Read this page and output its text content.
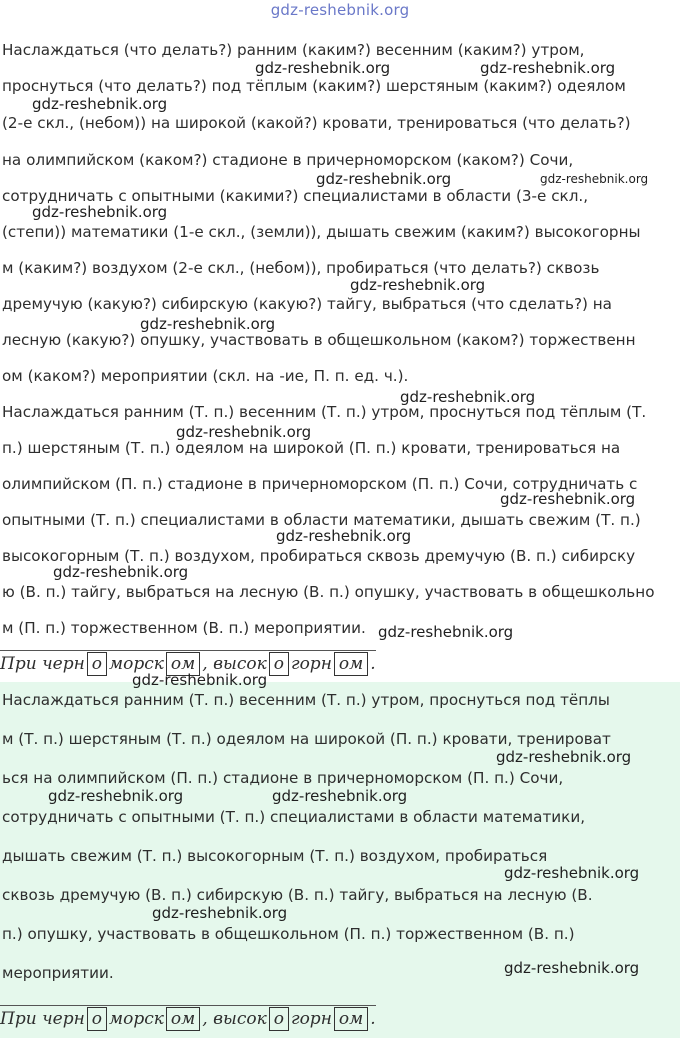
gdz-reshebnik.org
Наслаждаться (что делать?) ранним (каким?) весенним (каким?) утром,
проснуться (что делать?) под тёплым (каким?) шерстяным (каким?) одеялом
(2-е скл., (небом)) на широкой (какой?) кровати, тренироваться (что делать?)
на олимпийском (каком?) стадионе в причерноморском (каком?) Сочи,
сотрудничать с опытными (какими?) специалистами в области (3-е скл.,
(степи)) математики (1-е скл., (земли)), дышать свежим (каким?) высокогорны
м (каким?) воздухом (2-е скл., (небом)), пробираться (что делать?) сквозь
дремучую (какую?) сибирскую (какую?) тайгу, выбраться (что сделать?) на
лесную (какую?) опушку, участвовать в общешкольном (каком?) торжественн
ом (каком?) мероприятии (скл. на -ие, П. п. ед. ч.).
Наслаждаться ранним (Т. п.) весенним (Т. п.) утром, проснуться под тёплым (Т.
п.) шерстяным (Т. п.) одеялом на широкой (П. п.) кровати, тренироваться на
олимпийском (П. п.) стадионе в причерноморском (П. п.) Сочи, сотрудничать с
опытными (Т. п.) специалистами в области математики, дышать свежим (Т. п.)
высокогорным (Т. п.) воздухом, пробираться сквозь дремучую (В. п.) сибирску
ю (В. п.) тайгу, выбраться на лесную (В. п.) опушку, участвовать в общешкольно
м (П. п.) торжественном (В. п.) мероприятии.
При черн о морск ом , высок о горн ом .
Наслаждаться ранним (Т. п.) весенним (Т. п.) утром, проснуться под тёплы
м (Т. п.) шерстяным (Т. п.) одеялом на широкой (П. п.) кровати, тренироват
ься на олимпийском (П. п.) стадионе в причерноморском (П. п.) Сочи,
сотрудничать с опытными (Т. п.) специалистами в области математики,
дышать свежим (Т. п.) высокогорным (Т. п.) воздухом, пробираться
сквозь дремучую (В. п.) сибирскую (В. п.) тайгу, выбраться на лесную (В.
п.) опушку, участвовать в общешкольном (П. п.) торжественном (В. п.)
мероприятии.
При черн о морск ом , высок о горн ом .
gdz-reshebnik.org	gdz-reshebnik.org
gdz-reshebnik.org
gdz-reshebnik.org	gdz-reshebnik.org
gdz-reshebnik.org
gdz-reshebnik.org
gdz-reshebnik.org
gdz-reshebnik.org
gdz-reshebnik.org
gdz-reshebnik.org
gdz-reshebnik.org
gdz-reshebnik.org
gdz-reshebnik.org
gdz-reshebnik.org
gdz-reshebnik.org
gdz-reshebnik.org	gdz-reshebnik.org
gdz-reshebnik.org
gdz-reshebnik.org
gdz-reshebnik.org
